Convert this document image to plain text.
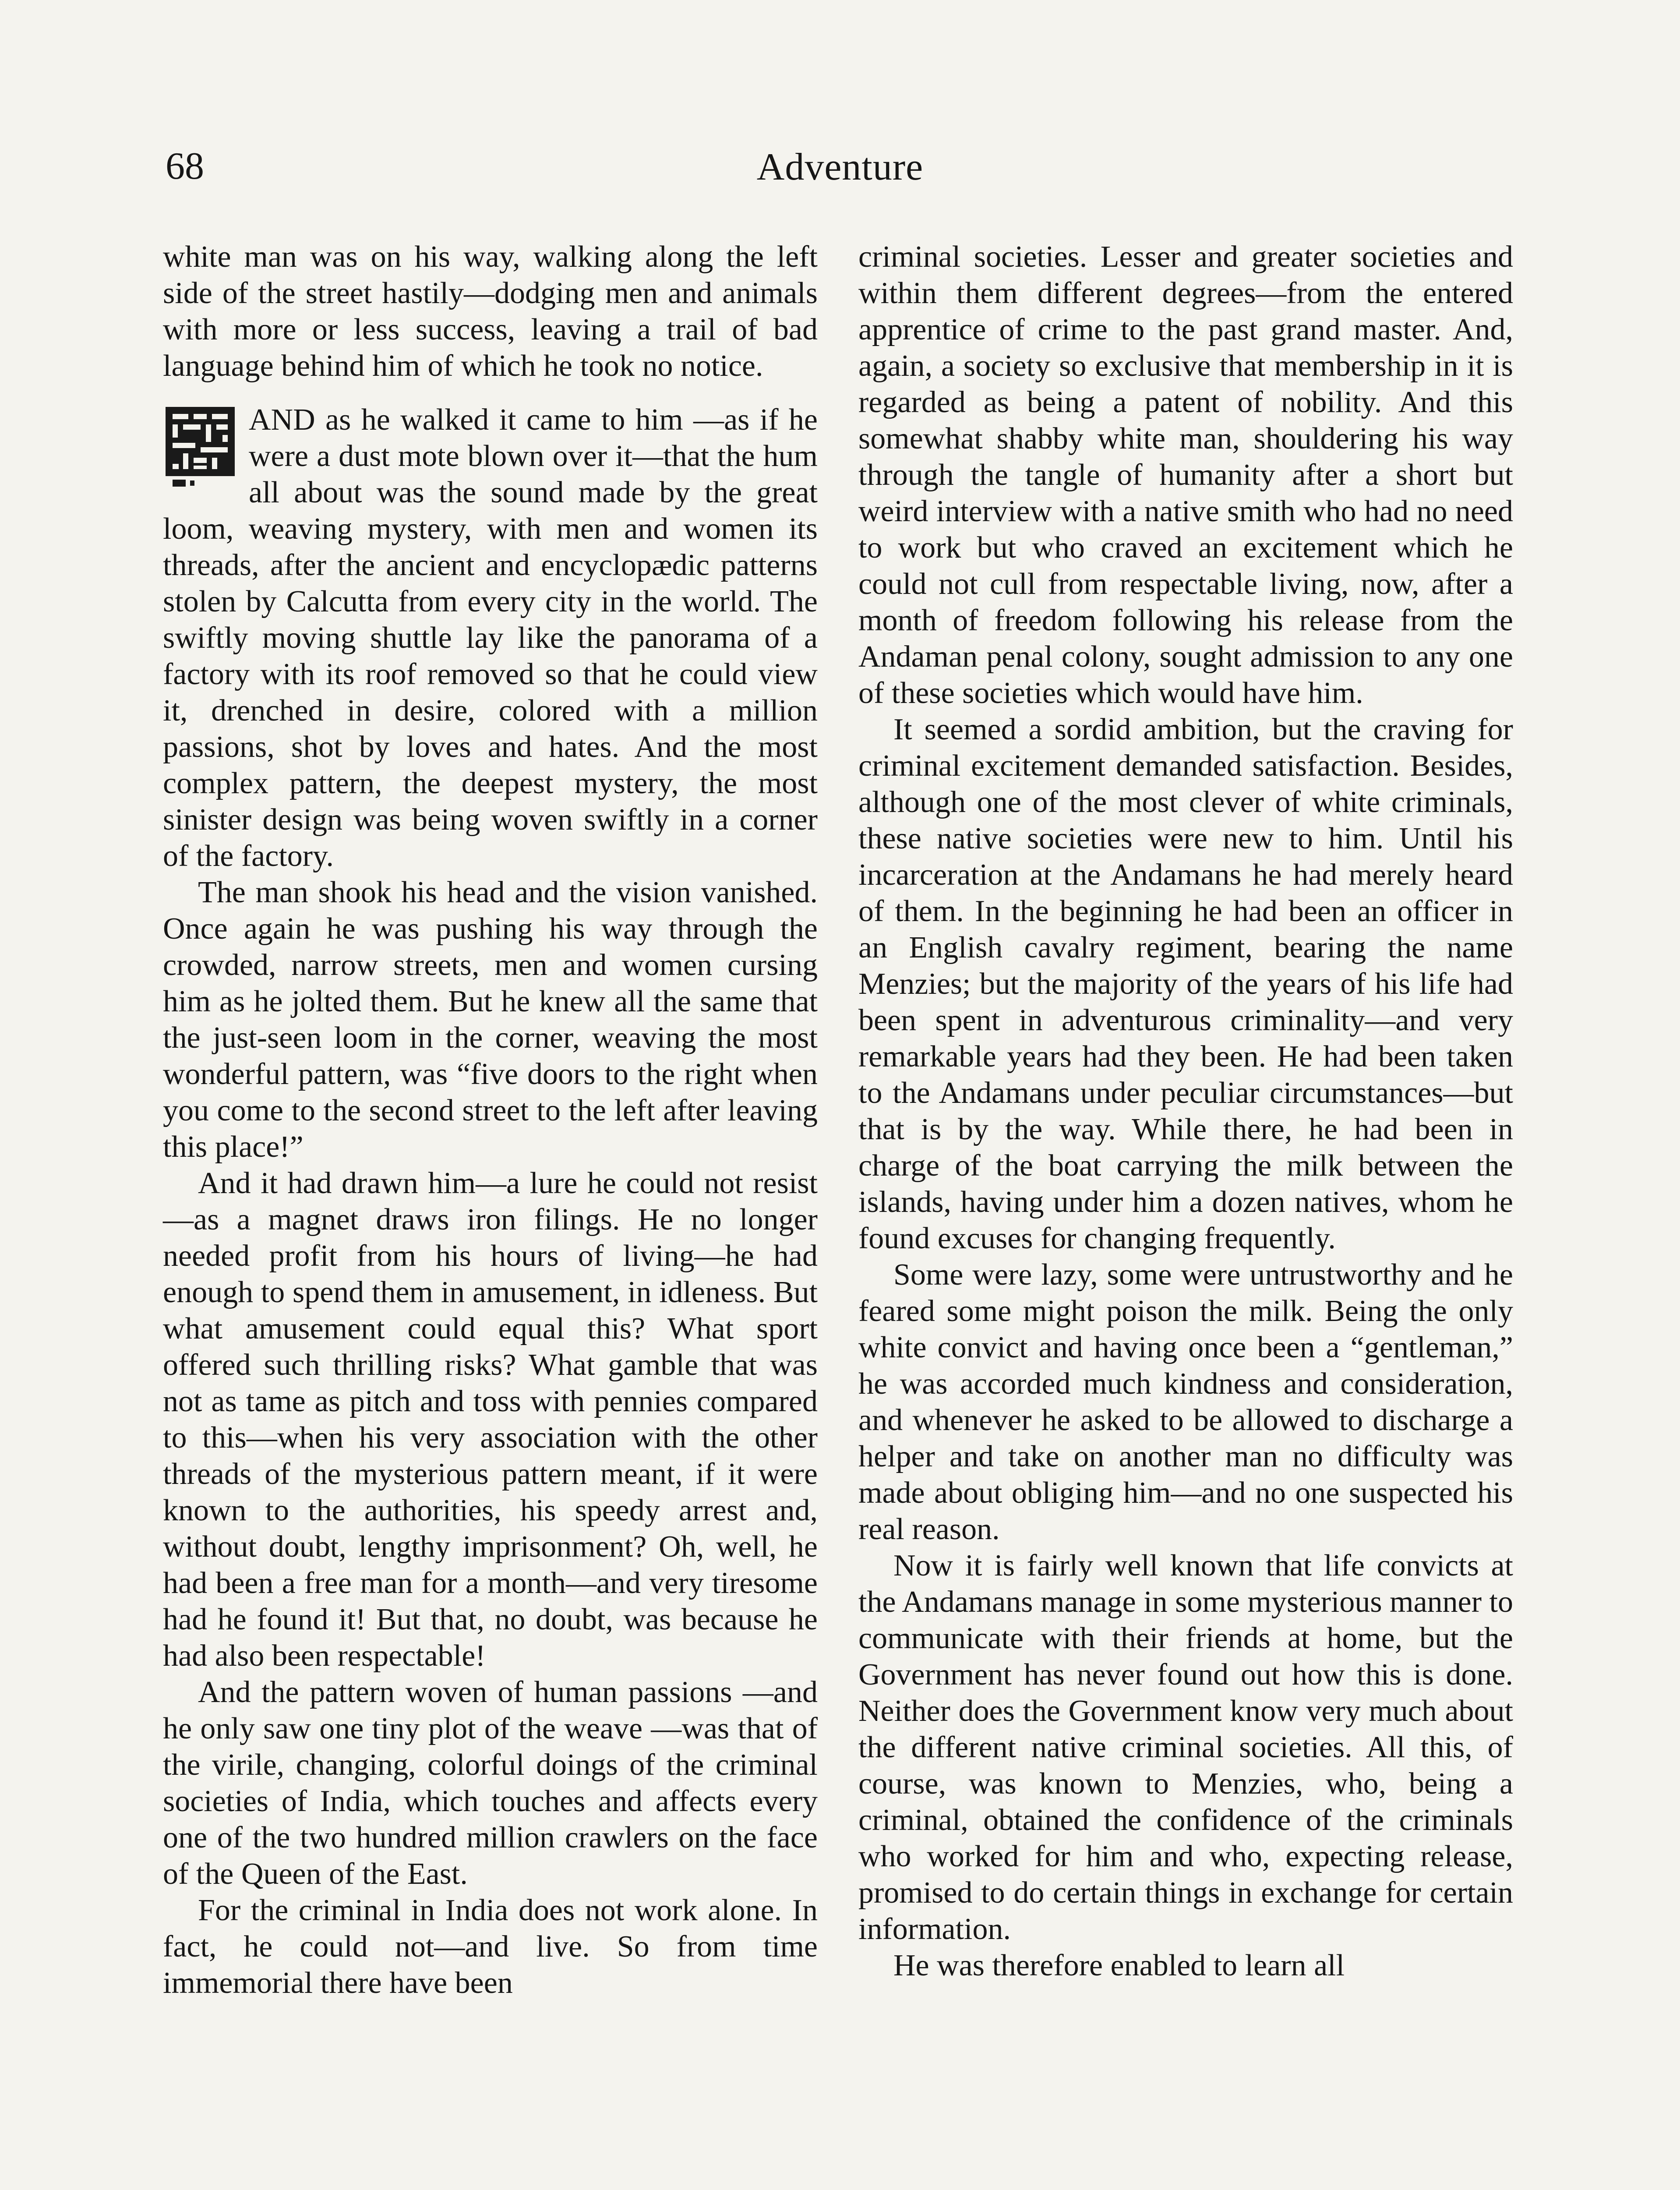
68	Adventure

white man was on his way, walking along the left side of the street hastily—dodging men and animals with more or less success, leaving a trail of bad language behind him of which he took no notice.

AND as he walked it came to him —as if he were a dust mote blown over it—that the hum all about was the sound made by the great loom, weaving mystery, with men and women its threads, after the ancient and encyclopædic patterns stolen by Calcutta from every city in the world. The swiftly moving shuttle lay like the panorama of a factory with its roof removed so that he could view it, drenched in desire, colored with a million passions, shot by loves and hates. And the most complex pattern, the deepest mystery, the most sinister design was being woven swiftly in a corner of the factory.

The man shook his head and the vision vanished. Once again he was pushing his way through the crowded, narrow streets, men and women cursing him as he jolted them. But he knew all the same that the just-seen loom in the corner, weaving the most wonderful pattern, was “five doors to the right when you come to the second street to the left after leaving this place!”

And it had drawn him—a lure he could not resist—as a magnet draws iron filings. He no longer needed profit from his hours of living—he had enough to spend them in amusement, in idleness. But what amusement could equal this? What sport offered such thrilling risks? What gamble that was not as tame as pitch and toss with pennies compared to this—when his very association with the other threads of the mysterious pattern meant, if it were known to the authorities, his speedy arrest and, without doubt, lengthy imprisonment? Oh, well, he had been a free man for a month—and very tiresome had he found it! But that, no doubt, was because he had also been respectable!

And the pattern woven of human passions —and he only saw one tiny plot of the weave —was that of the virile, changing, colorful doings of the criminal societies of India, which touches and affects every one of the two hundred million crawlers on the face of the Queen of the East.

For the criminal in India does not work alone. In fact, he could not—and live. So from time immemorial there have been

criminal societies. Lesser and greater societies and within them different degrees—from the entered apprentice of crime to the past grand master. And, again, a society so exclusive that membership in it is regarded as being a patent of nobility. And this somewhat shabby white man, shouldering his way through the tangle of humanity after a short but weird interview with a native smith who had no need to work but who craved an excitement which he could not cull from respectable living, now, after a month of freedom following his release from the Andaman penal colony, sought admission to any one of these societies which would have him.

It seemed a sordid ambition, but the craving for criminal excitement demanded satisfaction. Besides, although one of the most clever of white criminals, these native societies were new to him. Until his incarceration at the Andamans he had merely heard of them. In the beginning he had been an officer in an English cavalry regiment, bearing the name Menzies; but the majority of the years of his life had been spent in adventurous criminality—and very remarkable years had they been. He had been taken to the Andamans under peculiar circumstances—but that is by the way. While there, he had been in charge of the boat carrying the milk between the islands, having under him a dozen natives, whom he found excuses for changing frequently.

Some were lazy, some were untrustworthy and he feared some might poison the milk. Being the only white convict and having once been a “gentleman,” he was accorded much kindness and consideration, and whenever he asked to be allowed to discharge a helper and take on another man no difficulty was made about obliging him—and no one suspected his real reason.

Now it is fairly well known that life convicts at the Andamans manage in some mysterious manner to communicate with their friends at home, but the Government has never found out how this is done. Neither does the Government know very much about the different native criminal societies. All this, of course, was known to Menzies, who, being a criminal, obtained the confidence of the criminals who worked for him and who, expecting release, promised to do certain things in exchange for certain information.

He was therefore enabled to learn all
